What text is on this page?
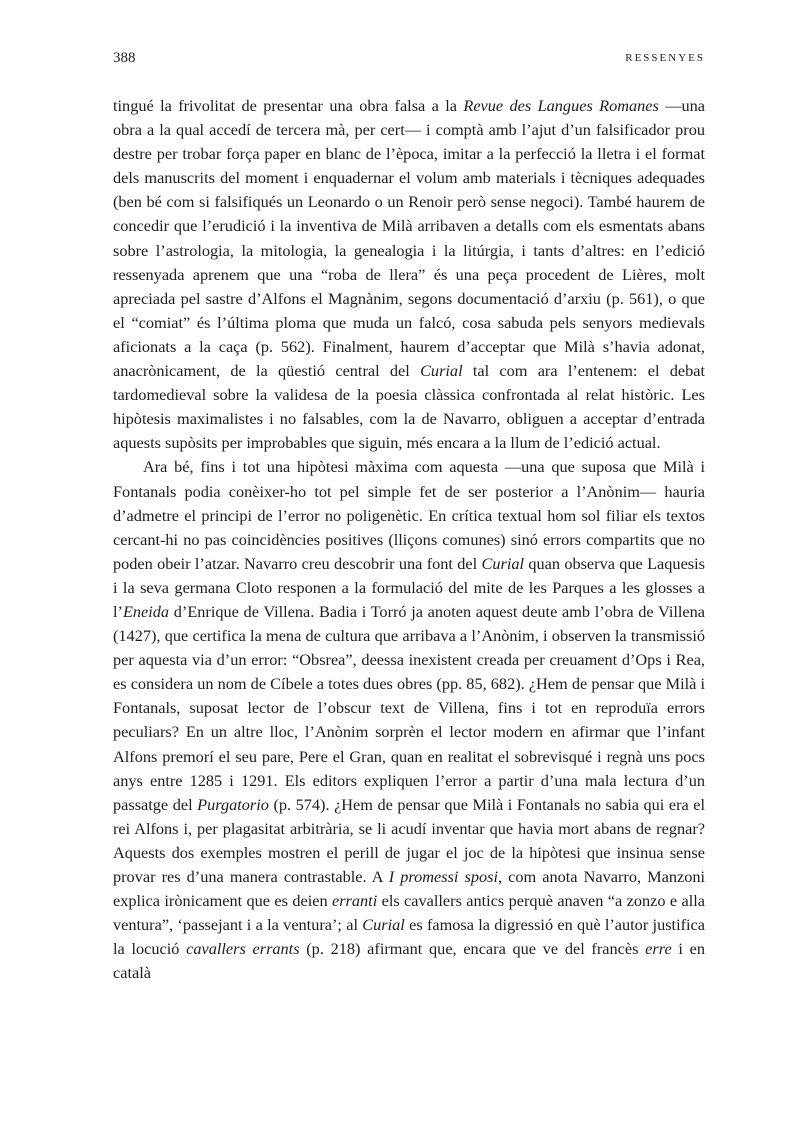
388	RESSENYES

tingué la frivolitat de presentar una obra falsa a la Revue des Langues Romanes —una obra a la qual accedí de tercera mà, per cert— i comptà amb l’ajut d’un falsificador prou destre per trobar força paper en blanc de l’època, imitar a la perfecció la lletra i el format dels manuscrits del moment i enquadernar el volum amb materials i tècniques adequades (ben bé com si falsifiqués un Leonardo o un Renoir però sense negoci). També haurem de concedir que l’erudició i la inventiva de Milà arribaven a detalls com els esmentats abans sobre l’astrologia, la mitologia, la genealogia i la litúrgia, i tants d’altres: en l’edició ressenyada aprenem que una “roba de llera” és una peça procedent de Lières, molt apreciada pel sastre d’Alfons el Magnànim, segons documentació d’arxiu (p. 561), o que el “comiat” és l’última ploma que muda un falcó, cosa sabuda pels senyors medievals aficionats a la caça (p. 562). Finalment, haurem d’acceptar que Milà s’havia adonat, anacrònicament, de la qüestió central del Curial tal com ara l’entenem: el debat tardomedieval sobre la validesa de la poesia clàssica confrontada al relat històric. Les hipòtesis maximalistes i no falsables, com la de Navarro, obliguen a acceptar d’entrada aquests supòsits per improbables que siguin, més encara a la llum de l’edició actual.

Ara bé, fins i tot una hipòtesi màxima com aquesta —una que suposa que Milà i Fontanals podia conèixer-ho tot pel simple fet de ser posterior a l’Anònim— hauria d’admetre el principi de l’error no poligenètic. En crítica textual hom sol filiar els textos cercant-hi no pas coincidències positives (lliçons comunes) sinó errors compartits que no poden obeir l’atzar. Navarro creu descobrir una font del Curial quan observa que Laquesis i la seva germana Cloto responen a la formulació del mite de les Parques a les glosses a l’Eneida d’Enrique de Villena. Badia i Torró ja anoten aquest deute amb l’obra de Villena (1427), que certifica la mena de cultura que arribava a l’Anònim, i observen la transmissió per aquesta via d’un error: “Obsrea”, deessa inexistent creada per creuament d’Ops i Rea, es considera un nom de Cíbele a totes dues obres (pp. 85, 682). ¿Hem de pensar que Milà i Fontanals, suposat lector de l’obscur text de Villena, fins i tot en reproduïa errors peculiars? En un altre lloc, l’Anònim sorprèn el lector modern en afirmar que l’infant Alfons premorí el seu pare, Pere el Gran, quan en realitat el sobrevisqué i regnà uns pocs anys entre 1285 i 1291. Els editors expliquen l’error a partir d’una mala lectura d’un passatge del Purgatorio (p. 574). ¿Hem de pensar que Milà i Fontanals no sabia qui era el rei Alfons i, per plagasitat arbitrària, se li acudí inventar que havia mort abans de regnar? Aquests dos exemples mostren el perill de jugar el joc de la hipòtesi que insinua sense provar res d’una manera contrastable. A I promessi sposi, com anota Navarro, Manzoni explica irònicament que es deien erranti els cavallers antics perquè anaven “a zonzo e alla ventura”, ‘passejant i a la ventura’; al Curial es famosa la digressió en què l’autor justifica la locució cavallers errants (p. 218) afirmant que, encara que ve del francès erre i en català
